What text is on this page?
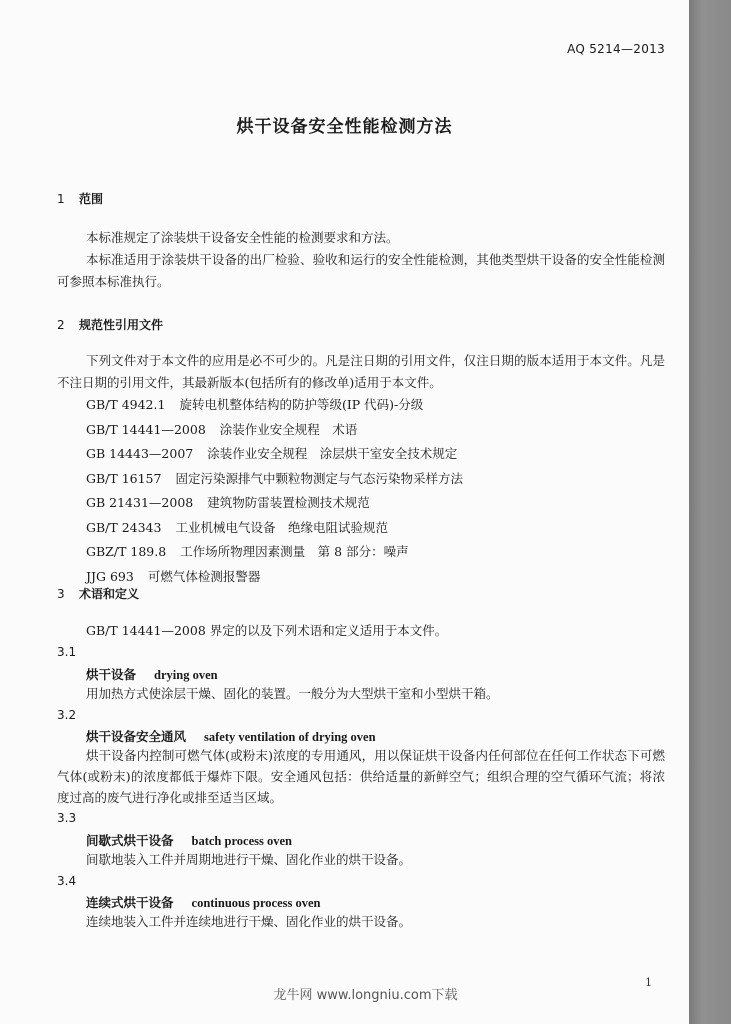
AQ 5214—2013
烘干设备安全性能检测方法
1 范围
本标准规定了涂装烘干设备安全性能的检测要求和方法。
本标准适用于涂装烘干设备的出厂检验、验收和运行的安全性能检测，其他类型烘干设备的安全性能检测可参照本标准执行。
2 规范性引用文件
下列文件对于本文件的应用是必不可少的。凡是注日期的引用文件，仅注日期的版本适用于本文件。凡是不注日期的引用文件，其最新版本(包括所有的修改单)适用于本文件。
GB/T 4942.1 旋转电机整体结构的防护等级(IP 代码)-分级
GB/T 14441—2008 涂装作业安全规程　术语
GB 14443—2007 涂装作业安全规程　涂层烘干室安全技术规定
GB/T 16157 固定污染源排气中颗粒物测定与气态污染物采样方法
GB 21431—2008 建筑物防雷装置检测技术规范
GB/T 24343 工业机械电气设备　绝缘电阻试验规范
GBZ/T 189.8 工作场所物理因素测量　第 8 部分：噪声
JJG 693 可燃气体检测报警器
3 术语和定义
GB/T 14441—2008 界定的以及下列术语和定义适用于本文件。
3.1
烘干设备 drying oven
用加热方式使涂层干燥、固化的装置。一般分为大型烘干室和小型烘干箱。
3.2
烘干设备安全通风 safety ventilation of drying oven
烘干设备内控制可燃气体(或粉末)浓度的专用通风，用以保证烘干设备内任何部位在任何工作状态下可燃气体(或粉末)的浓度都低于爆炸下限。安全通风包括：供给适量的新鲜空气；组织合理的空气循环气流；将浓度过高的废气进行净化或排至适当区域。
3.3
间歇式烘干设备 batch process oven
间歇地装入工件并周期地进行干燥、固化作业的烘干设备。
3.4
连续式烘干设备 continuous process oven
连续地装入工件并连续地进行干燥、固化作业的烘干设备。
1
龙牛网 www.longniu.com下载
